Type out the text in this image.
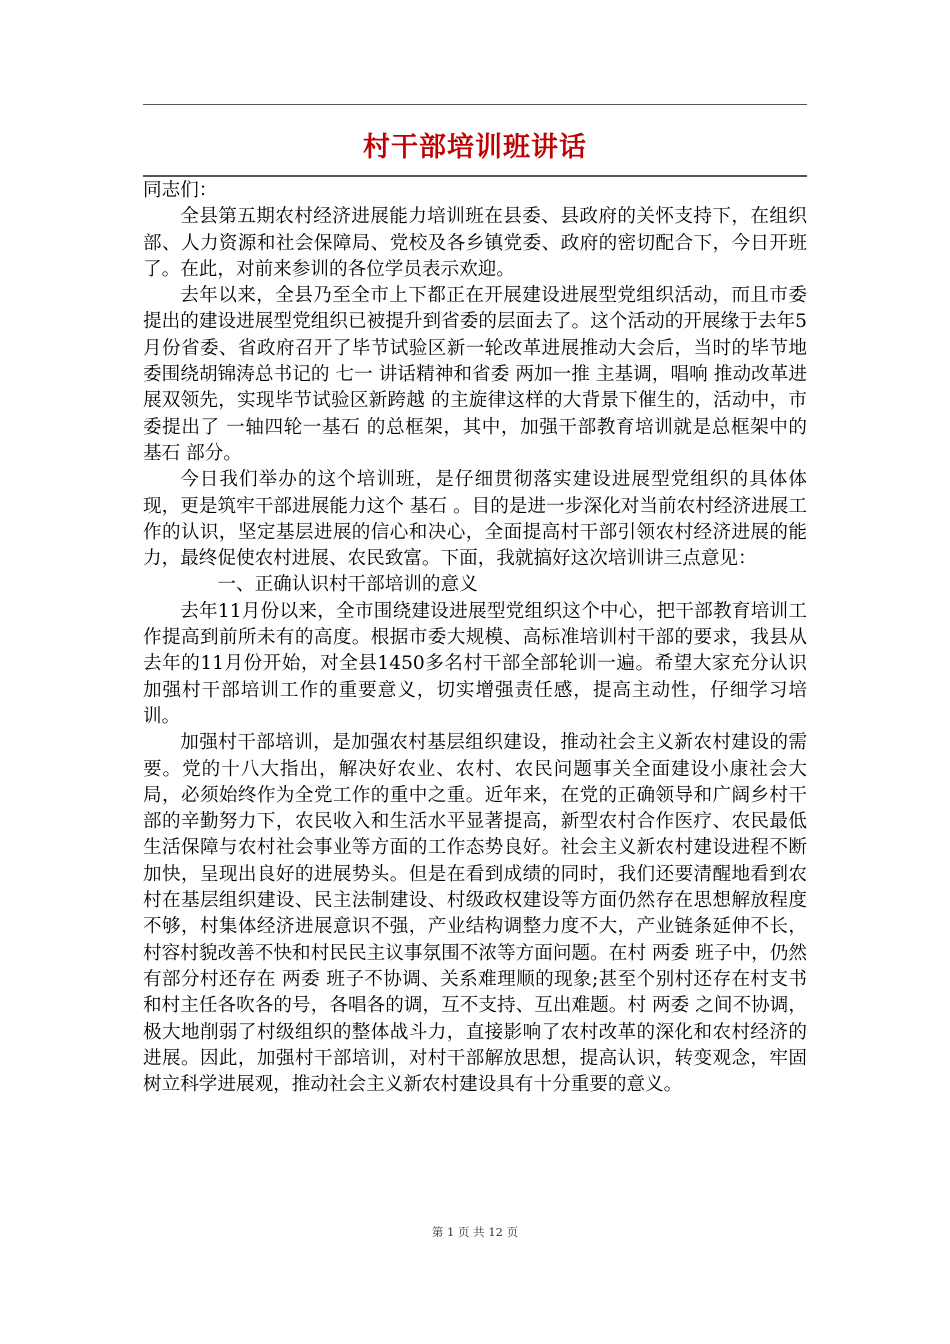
村干部培训班讲话

同志们：

全县第五期农村经济进展能力培训班在县委、县政府的关怀支持下，在组织部、人力资源和社会保障局、党校及各乡镇党委、政府的密切配合下，今日开班了。在此，对前来参训的各位学员表示欢迎。

去年以来，全县乃至全市上下都正在开展建设进展型党组织活动，而且市委提出的建设进展型党组织已被提升到省委的层面去了。这个活动的开展缘于去年5月份省委、省政府召开了毕节试验区新一轮改革进展推动大会后，当时的毕节地委围绕胡锦涛总书记的 七一 讲话精神和省委 两加一推 主基调，唱响 推动改革进展双领先，实现毕节试验区新跨越 的主旋律这样的大背景下催生的，活动中，市委提出了 一轴四轮一基石 的总框架，其中，加强干部教育培训就是总框架中的 基石 部分。

今日我们举办的这个培训班，是仔细贯彻落实建设进展型党组织的具体体现，更是筑牢干部进展能力这个 基石 。目的是进一步深化对当前农村经济进展工作的认识，坚定基层进展的信心和决心，全面提高村干部引领农村经济进展的能力，最终促使农村进展、农民致富。下面，我就搞好这次培训讲三点意见：

一、正确认识村干部培训的意义

去年11月份以来，全市围绕建设进展型党组织这个中心，把干部教育培训工作提高到前所未有的高度。根据市委大规模、高标准培训村干部的要求，我县从去年的11月份开始，对全县1450多名村干部全部轮训一遍。希望大家充分认识加强村干部培训工作的重要意义，切实增强责任感，提高主动性，仔细学习培训。

加强村干部培训，是加强农村基层组织建设，推动社会主义新农村建设的需要。党的十八大指出，解决好农业、农村、农民问题事关全面建设小康社会大局，必须始终作为全党工作的重中之重。近年来，在党的正确领导和广阔乡村干部的辛勤努力下，农民收入和生活水平显著提高，新型农村合作医疗、农民最低生活保障与农村社会事业等方面的工作态势良好。社会主义新农村建设进程不断加快，呈现出良好的进展势头。但是在看到成绩的同时，我们还要清醒地看到农村在基层组织建设、民主法制建设、村级政权建设等方面仍然存在思想解放程度不够，村集体经济进展意识不强，产业结构调整力度不大，产业链条延伸不长，村容村貌改善不快和村民民主议事氛围不浓等方面问题。在村 两委 班子中，仍然有部分村还存在 两委 班子不协调、关系难理顺的现象;甚至个别村还存在村支书和村主任各吹各的号，各唱各的调，互不支持、互出难题。村 两委 之间不协调，极大地削弱了村级组织的整体战斗力，直接影响了农村改革的深化和农村经济的进展。因此，加强村干部培训，对村干部解放思想，提高认识，转变观念，牢固树立科学进展观，推动社会主义新农村建设具有十分重要的意义。

第 1 页 共 12 页
